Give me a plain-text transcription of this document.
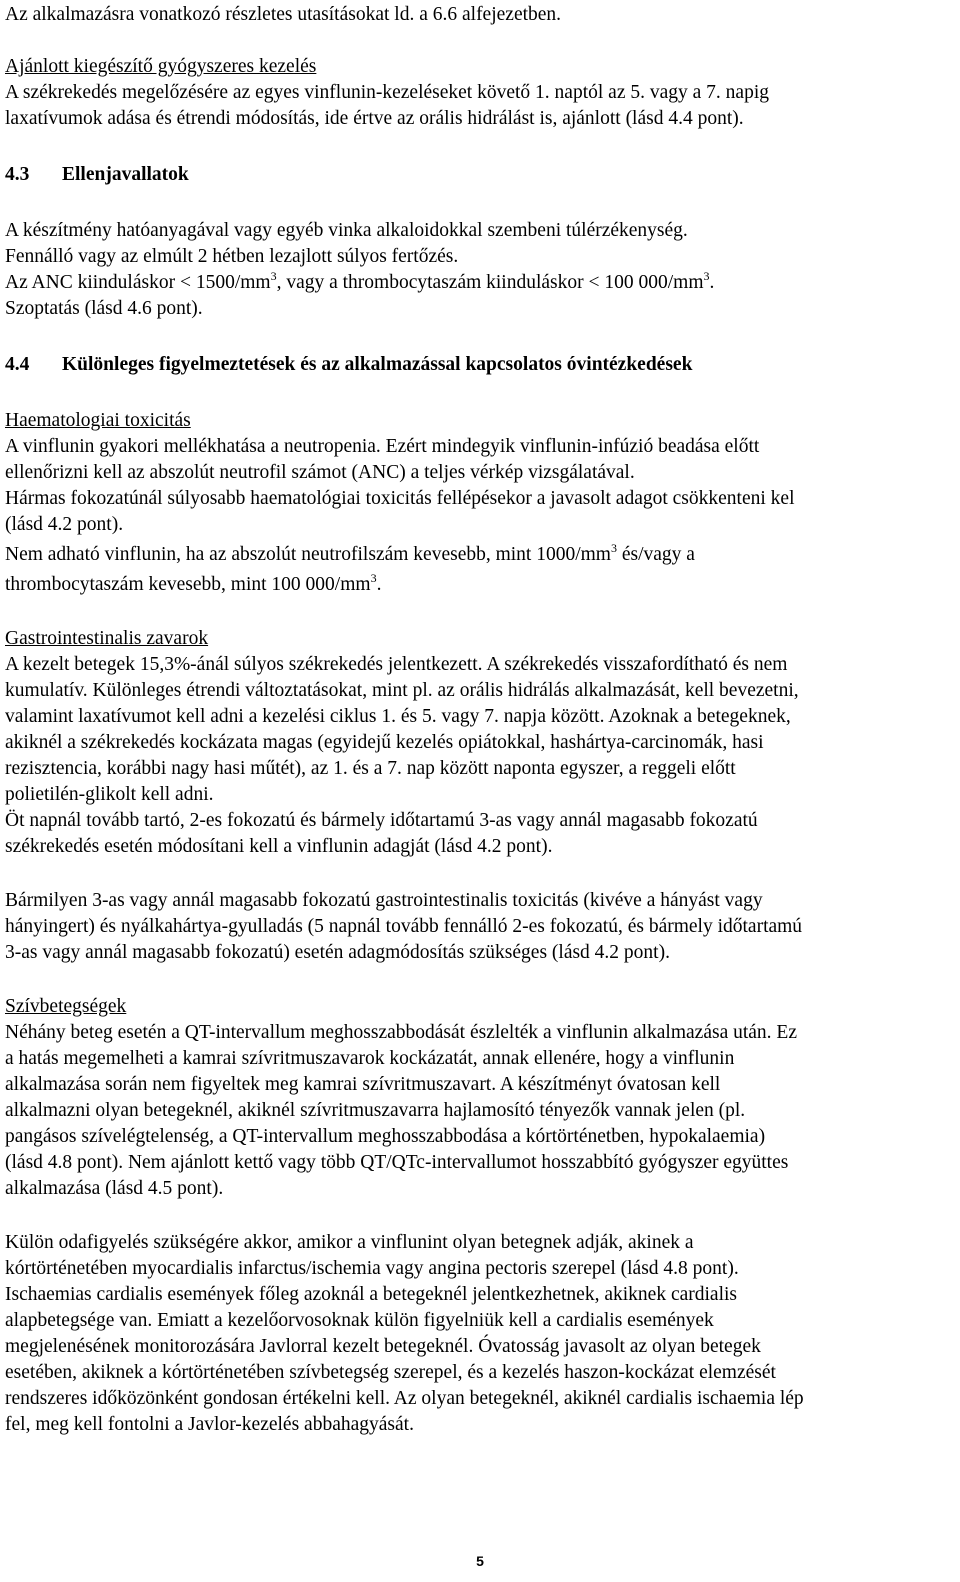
Az alkalmazásra vonatkozó részletes utasításokat ld. a 6.6 alfejezetben.
Ajánlott kiegészítő gyógyszeres kezelés
A székrekedés megelőzésére az egyes vinflunin-kezeléseket követő 1. naptól az 5. vagy a 7. napig
laxatívumok adása és étrendi módosítás, ide értve az orális hidrálást is, ajánlott (lásd 4.4 pont).
4.3 Ellenjavallatok
A készítmény hatóanyagával vagy egyéb vinka alkaloidokkal szembeni túlérzékenység.
Fennálló vagy az elmúlt 2 hétben lezajlott súlyos fertőzés.
Az ANC kiinduláskor < $1500/mm^3$, vagy a thrombocytaszám kiinduláskor < 100 $000/mm^3$.
Szoptatás (lásd 4.6 pont).
4.4 Különleges figyelmeztetések és az alkalmazással kapcsolatos óvintézkedések
Haematologiai toxicitás
A vinflunin gyakori mellékhatása a neutropenia. Ezért mindegyik vinflunin-infúzió beadása előtt
ellenőrizni kell az abszolút neutrofil számot (ANC) a teljes vérkép vizsgálatával.
Hármas fokozatúnál súlyosabb haematológiai toxicitás fellépésekor a javasolt adagot csökkenteni kel
(lásd 4.2 pont).
Nem adható vinflunin, ha az abszolút neutrofilszám kevesebb, mint $1000/mm^3$ és/vagy a
thrombocytaszám kevesebb, mint 100 $000/mm^3$.
Gastrointestinalis zavarok
A kezelt betegek 15,3%-ánál súlyos székrekedés jelentkezett. A székrekedés visszafordítható és nem
kumulatív. Különleges étrendi változtatásokat, mint pl. az orális hidrálás alkalmazását, kell bevezetni,
valamint laxatívumot kell adni a kezelési ciklus 1. és 5. vagy 7. napja között. Azoknak a betegeknek,
akiknél a székrekedés kockázata magas (egyidejű kezelés opiátokkal, hashártya-carcinomák, hasi
rezisztencia, korábbi nagy hasi műtét), az 1. és a 7. nap között naponta egyszer, a reggeli előtt
polietilén-glikolt kell adni.
Öt napnál tovább tartó, 2-es fokozatú és bármely időtartamú 3-as vagy annál magasabb fokozatú
székrekedés esetén módosítani kell a vinflunin adagját (lásd 4.2 pont).
Bármilyen 3-as vagy annál magasabb fokozatú gastrointestinalis toxicitás (kivéve a hányást vagy
hányingert) és nyálkahártya-gyulladás (5 napnál tovább fennálló 2-es fokozatú, és bármely időtartamú
3-as vagy annál magasabb fokozatú) esetén adagmódosítás szükséges (lásd 4.2 pont).
Szívbetegségek
Néhány beteg esetén a QT-intervallum meghosszabbodását észlelték a vinflunin alkalmazása után. Ez
a hatás megemelheti a kamrai szívritmuszavarok kockázatát, annak ellenére, hogy a vinflunin
alkalmazása során nem figyeltek meg kamrai szívritmuszavart. A készítményt óvatosan kell
alkalmazni olyan betegeknél, akiknél szívritmuszavarra hajlamosító tényezők vannak jelen (pl.
pangásos szívelégtelenség, a QT-intervallum meghosszabbodása a kórtörténetben, hypokalaemia)
(lásd 4.8 pont). Nem ajánlott kettő vagy több QT/QTc-intervallumot hosszabbító gyógyszer együttes
alkalmazása (lásd 4.5 pont).
Külön odafigyelés szükségére akkor, amikor a vinflunint olyan betegnek adják, akinek a
kórtörténetében myocardialis infarctus/ischemia vagy angina pectoris szerepel (lásd 4.8 pont).
Ischaemias cardialis események főleg azoknál a betegeknél jelentkezhetnek, akiknek cardialis
alapbetegsége van. Emiatt a kezelőorvosoknak külön figyelniük kell a cardialis események
megjelenésének monitorozására Javlorral kezelt betegeknél. Óvatosság javasolt az olyan betegek
esetében, akiknek a kórtörténetében szívbetegség szerepel, és a kezelés haszon-kockázat elemzését
rendszeres időközönként gondosan értékelni kell. Az olyan betegeknél, akiknél cardialis ischaemia lép
fel, meg kell fontolni a Javlor-kezelés abbahagyását.
5
